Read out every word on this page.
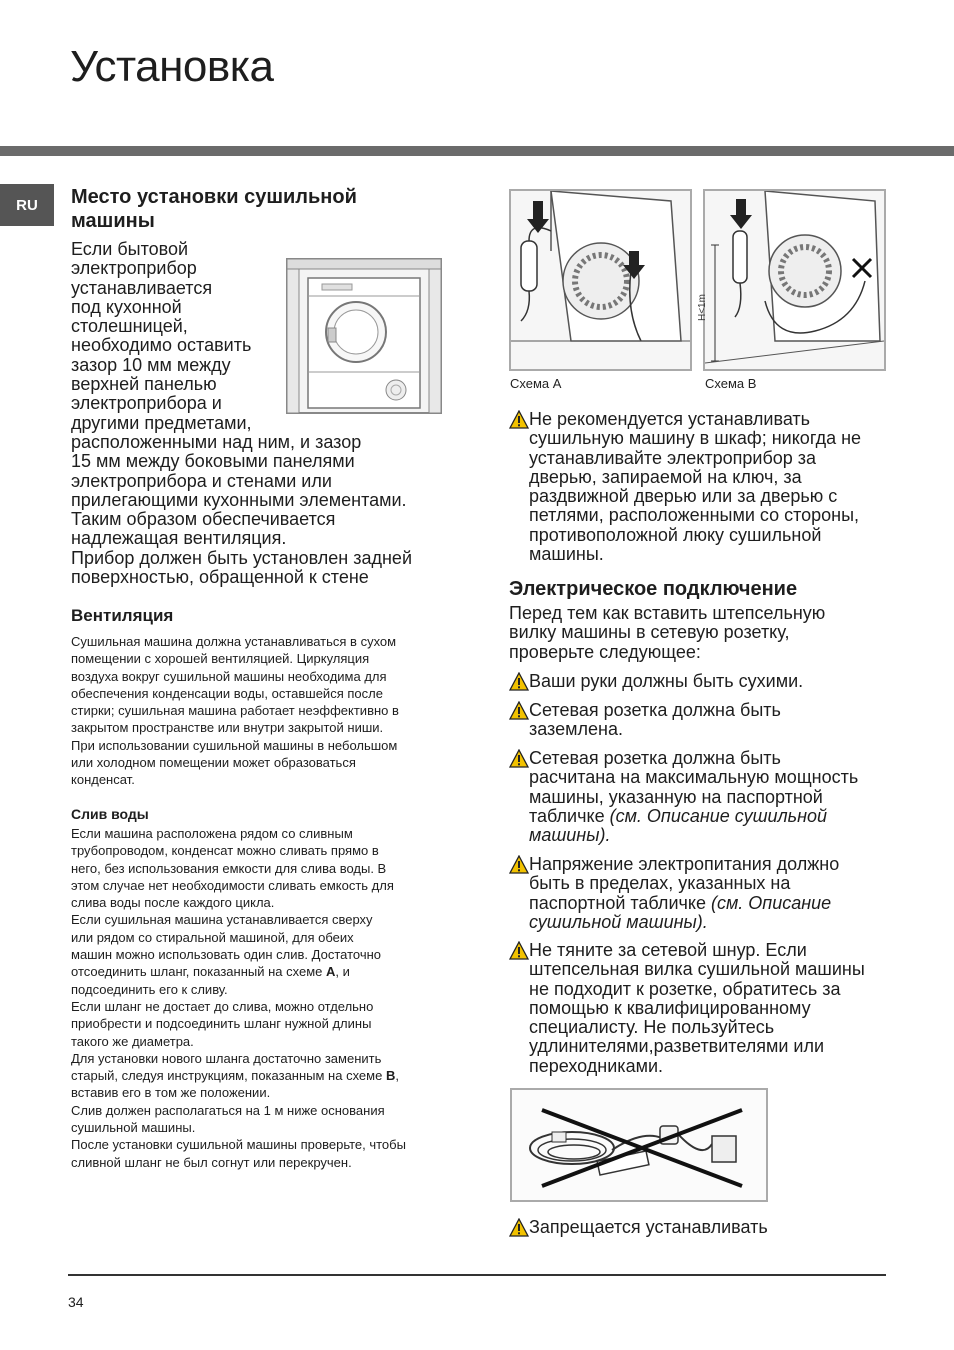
Установка
RU	Место установки сушильной машины
Если бытовой
электроприбор
устанавливается
под кухонной
столешницей,
необходимо оставить
зазор 10 мм между
верхней панелью
электроприбора и
другими предметами,
расположенными над ним, и зазор
15 мм между боковыми панелями
электроприбора и стенами или
прилегающими кухонными элементами.
Таким образом обеспечивается
надлежащая вентиляция.
Прибор должен быть установлен задней
поверхностью, обращенной к стене
Вентиляция
Сушильная машина должна устанавливаться в сухом
помещении с хорошей вентиляцией. Циркуляция
воздуха вокруг сушильной машины необходима для
обеспечения конденсации воды, оставшейся после
стирки; сушильная машина работает неэффективно в
закрытом пространстве или внутри закрытой ниши.
При использовании сушильной машины в небольшом
или холодном помещении может образоваться
конденсат.
Слив воды
Если машина расположена рядом со сливным
трубопроводом, конденсат можно сливать прямо в
него, без использования емкости для слива воды. В
этом случае нет необходимости сливать емкость для
слива воды после каждого цикла.
Если сушильная машина устанавливается сверху
или рядом со стиральной машиной, для обеих
машин можно использовать один слив. Достаточно
отсоединить шланг, показанный на схеме A, и
подсоединить его к сливу.
Если шланг не достает до слива, можно отдельно
приобрести и подсоединить шланг нужной длины
такого же диаметра.
Для установки нового шланга достаточно заменить
старый, следуя инструкциям, показанным на схеме B,
вставив его в том же положении.
Слив должен располагаться на 1 м ниже основания
сушильной машины.
После установки сушильной машины проверьте, чтобы
сливной шланг не был согнут или перекручен.
H<1m
Схема A	Схема B
Не рекомендуется устанавливать
сушильную машину в шкаф; никогда не
устанавливайте электроприбор за
дверью, запираемой на ключ, за
раздвижной дверью или за дверью с
петлями, расположенными со стороны,
противоположной люку сушильной
машины.
Электрическое подключение
Перед тем как вставить штепсельную
вилку машины в сетевую розетку,
проверьте следующее:
Ваши руки должны быть сухими.
Сетевая розетка должна быть
заземлена.
Сетевая розетка должна быть
расчитана на максимальную мощность
машины, указанную на паспортной
табличке (см. Описание сушильной
машины).
Напряжение электропитания должно
быть в пределах, указанных на
паспортной табличке (см. Описание
сушильной машины).
Не тяните за сетевой шнур. Если
штепсельная вилка сушильной машины
не подходит к розетке, обратитесь за
помощью к квалифицированному
специалисту. Не пользуйтесь
удлинителями,разветвителями или
переходниками.
Запрещается устанавливать
34
